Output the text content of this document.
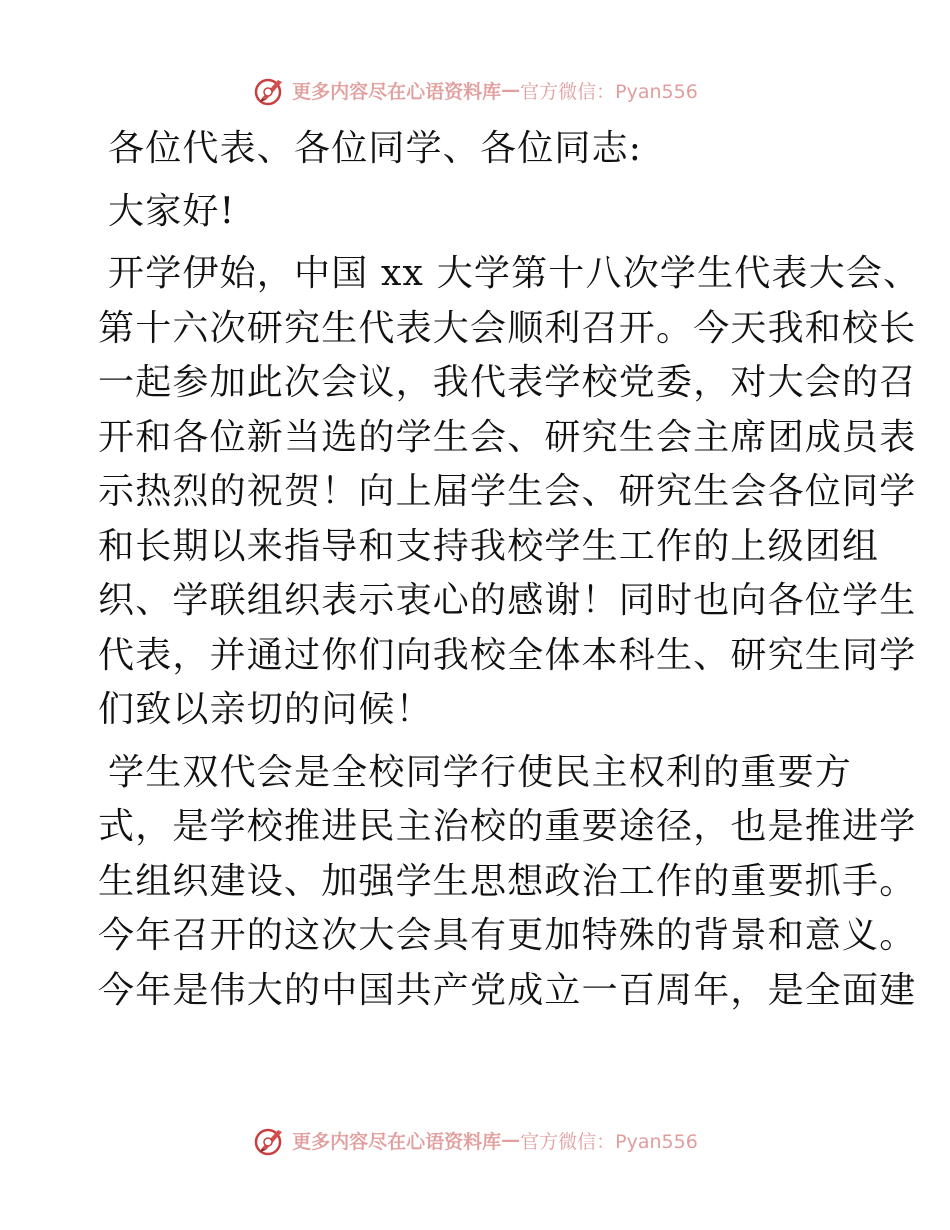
更多内容尽在心语资料库 — 官方微信：Pyan556

各位代表、各位同学、各位同志:

大家好!

开学伊始，中国 xx 大学第十八次学生代表大会、
第十六次研究生代表大会顺利召开。今天我和校长
一起参加此次会议，我代表学校党委，对大会的召
开和各位新当选的学生会、研究生会主席团成员表
示热烈的祝贺！向上届学生会、研究生会各位同学
和长期以来指导和支持我校学生工作的上级团组
织、学联组织表示衷心的感谢！同时也向各位学生
代表，并通过你们向我校全体本科生、研究生同学
们致以亲切的问候！

学生双代会是全校同学行使民主权利的重要方
式，是学校推进民主治校的重要途径，也是推进学
生组织建设、加强学生思想政治工作的重要抓手。
今年召开的这次大会具有更加特殊的背景和意义。
今年是伟大的中国共产党成立一百周年，是全面建

更多内容尽在心语资料库 — 官方微信：Pyan556
